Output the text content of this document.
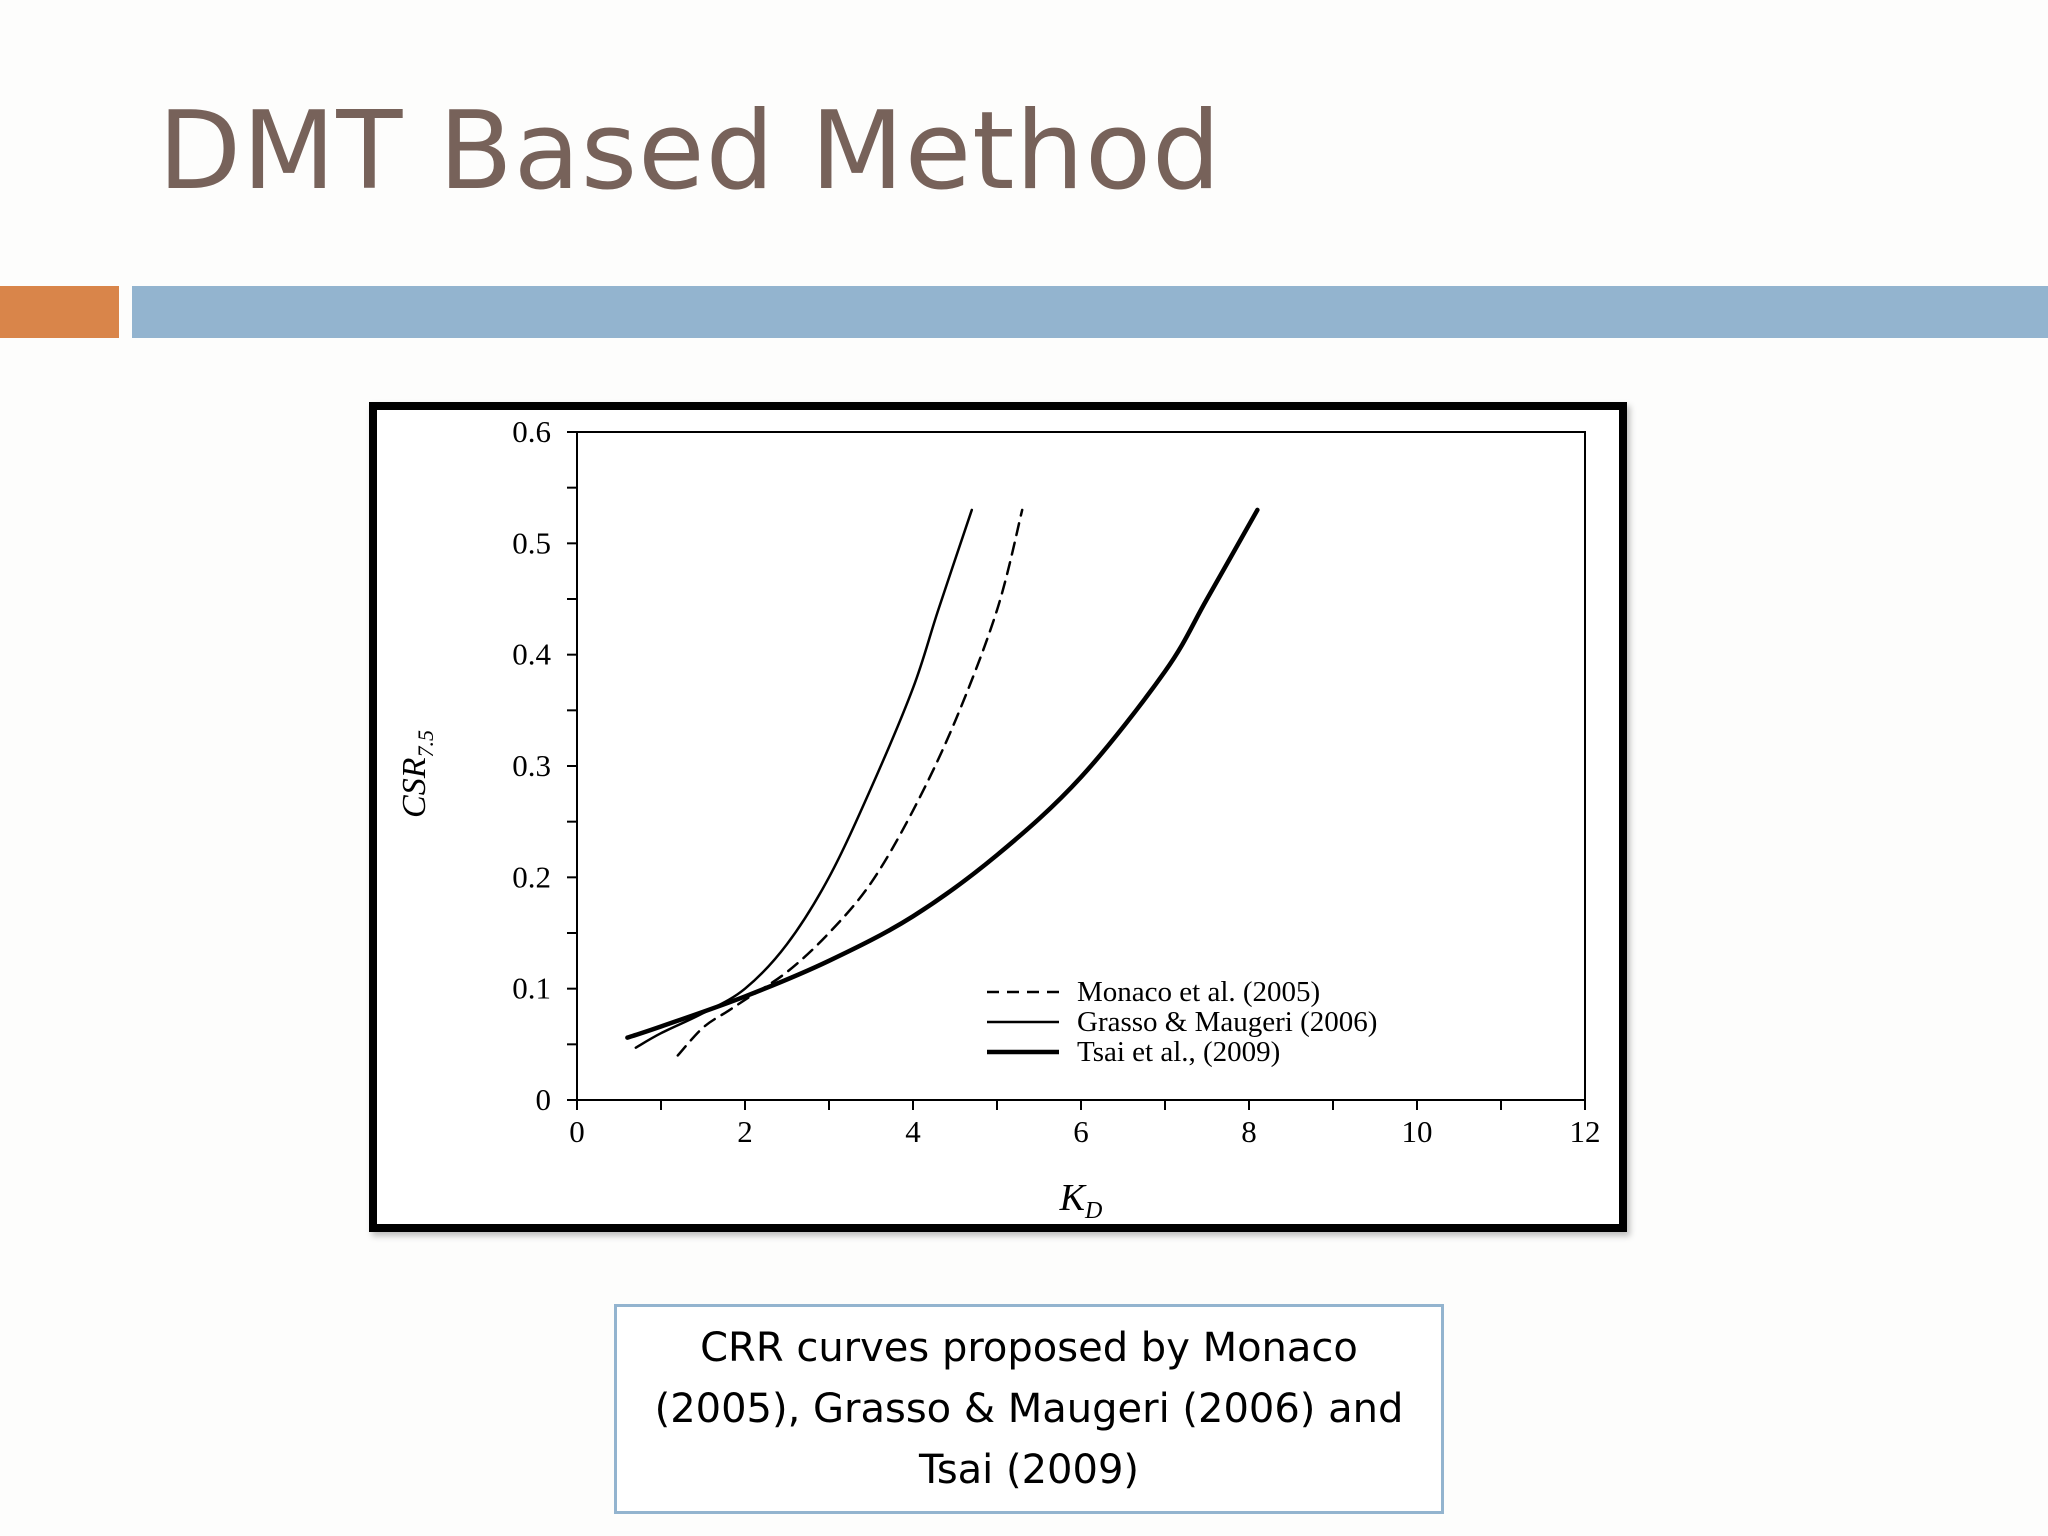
DMT Based Method
0	2	4	6	8	10	12
0
0.1
0.2
0.3
0.4
0.5
0.6
Monaco et al. (2005)
Grasso & Maugeri (2006)
Tsai et al., (2009)
$CSR_{7.5}$
$K_D$
CRR curves proposed by Monaco (2005), Grasso & Maugeri (2006) and Tsai (2009)
